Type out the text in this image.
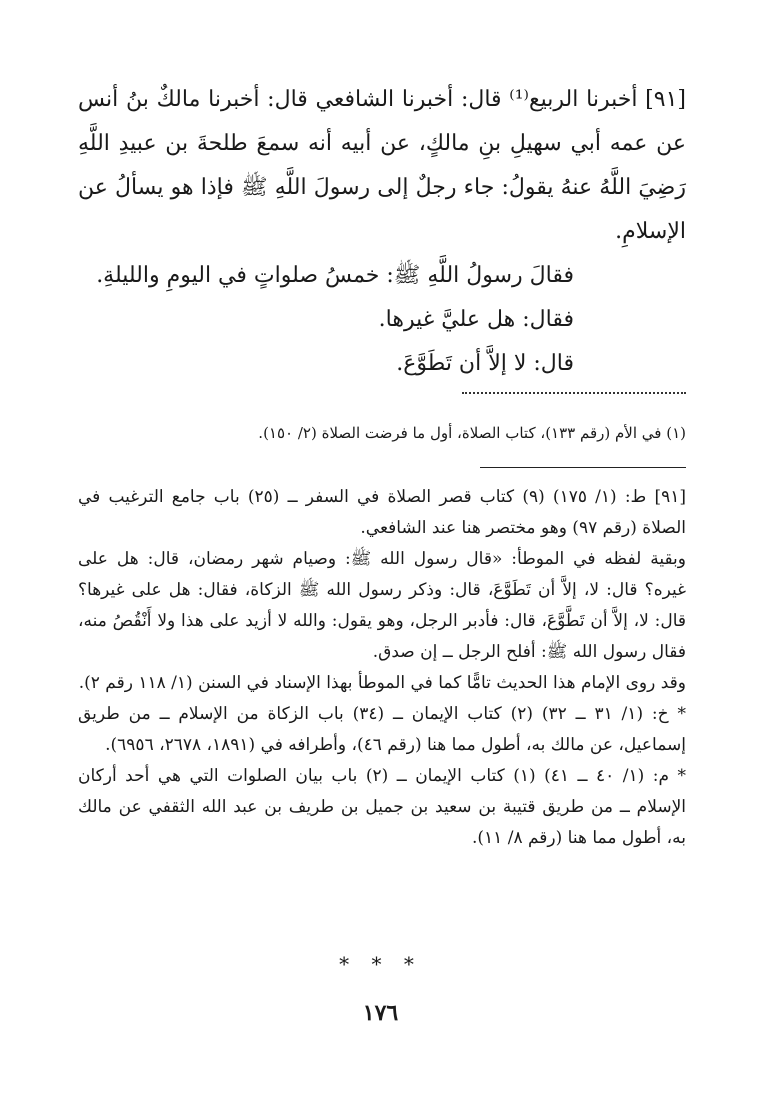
[٩١] أخبرنا الربيع⁽¹⁾ قال: أخبرنا الشافعي قال: أخبرنا مالكٌ بنُ أنس عن عمه أبي سهيلِ بنِ مالكٍ، عن أبيه أنه سمعَ طلحةَ بن عبيدِ اللَّهِ رَضِيَ اللَّهُ عنهُ يقولُ: جاء رجلٌ إلى رسولَ اللَّهِ ﷺ فإذا هو يسألُ عن الإسلامِ.

فقالَ رسولُ اللَّهِ ﷺ: خمسُ صلواتٍ في اليومِ والليلةِ.

فقال: هل عليَّ غيرها.

قال: لا إلاَّ أن تَطَوَّعَ.

(١) في الأم (رقم ١٣٣)، كتاب الصلاة، أول ما فرضت الصلاة (٢/ ١٥٠).

[٩١] ط: (١/ ١٧٥) (٩) كتاب قصر الصلاة في السفر ــ (٢٥) باب جامع الترغيب في الصلاة (رقم ٩٧) وهو مختصر هنا عند الشافعي.

وبقية لفظه في الموطأ: «قال رسول الله ﷺ: وصيام شهر رمضان، قال: هل على غيره؟ قال: لا، إلاَّ أن تَطَوَّعَ، قال: وذكر رسول الله ﷺ الزكاة، فقال: هل على غيرها؟ قال: لا، إلاَّ أن تَطَّوَّعَ، قال: فأدبر الرجل، وهو يقول: والله لا أزيد على هذا ولا أَنْقُصُ منه، فقال رسول الله ﷺ: أفلح الرجل ــ إن صدق.

وقد روى الإمام هذا الحديث تامًّا كما في الموطأ بهذا الإسناد في السنن (١/ ١١٨ رقم ٢).

* خ: (١/ ٣١ ــ ٣٢) (٢) كتاب الإيمان ــ (٣٤) باب الزكاة من الإسلام ــ من طريق إسماعيل، عن مالك به، أطول مما هنا (رقم ٤٦)، وأطرافه في (١٨٩١، ٢٦٧٨، ٦٩٥٦).

* م: (١/ ٤٠ ــ ٤١) (١) كتاب الإيمان ــ (٢) باب بيان الصلوات التي هي أحد أركان الإسلام ــ من طريق قتيبة بن سعيد بن جميل بن طريف بن عبد الله الثقفي عن مالك به، أطول مما هنا (رقم ٨/ ١١).

* * *
١٧٦
